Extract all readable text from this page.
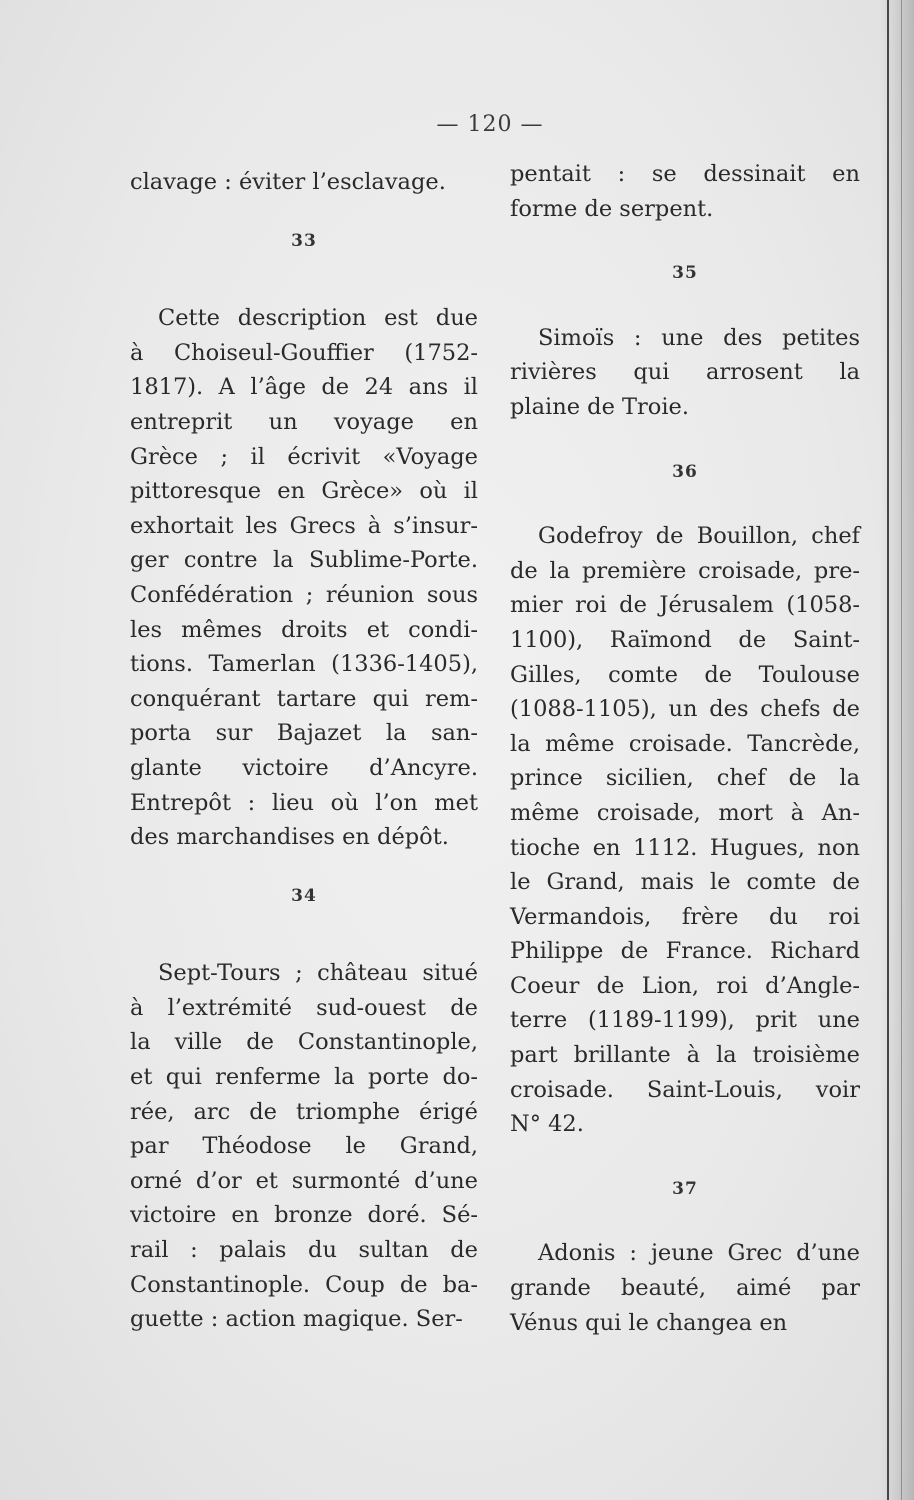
— 120 —
clavage : éviter l’esclavage.
33
Cette description est due
à Choiseul-Gouffier (1752-
1817). A l’âge de 24 ans il
entreprit un voyage en
Grèce ; il écrivit «Voyage
pittoresque en Grèce» où il
exhortait les Grecs à s’insur-
ger contre la Sublime-Porte.
Confédération ; réunion sous
les mêmes droits et condi-
tions. Tamerlan (1336-1405),
conquérant tartare qui rem-
porta sur Bajazet la san-
glante victoire d’Ancyre.
Entrepôt : lieu où l’on met
des marchandises en dépôt.
34
Sept-Tours ; château situé
à l’extrémité sud-ouest de
la ville de Constantinople,
et qui renferme la porte do-
rée, arc de triomphe érigé
par Théodose le Grand,
orné d’or et surmonté d’une
victoire en bronze doré. Sé-
rail : palais du sultan de
Constantinople. Coup de ba-
guette : action magique. Ser-
pentait : se dessinait en
forme de serpent.
35
Simoïs : une des petites
rivières qui arrosent la
plaine de Troie.
36
Godefroy de Bouillon, chef
de la première croisade, pre-
mier roi de Jérusalem (1058-
1100), Raïmond de Saint-
Gilles, comte de Toulouse
(1088-1105), un des chefs de
la même croisade. Tancrède,
prince sicilien, chef de la
même croisade, mort à An-
tioche en 1112. Hugues, non
le Grand, mais le comte de
Vermandois, frère du roi
Philippe de France. Richard
Coeur de Lion, roi d’Angle-
terre (1189-1199), prit une
part brillante à la troisième
croisade. Saint-Louis, voir
N° 42.
37
Adonis : jeune Grec d’une
grande beauté, aimé par
Vénus qui le changea en
